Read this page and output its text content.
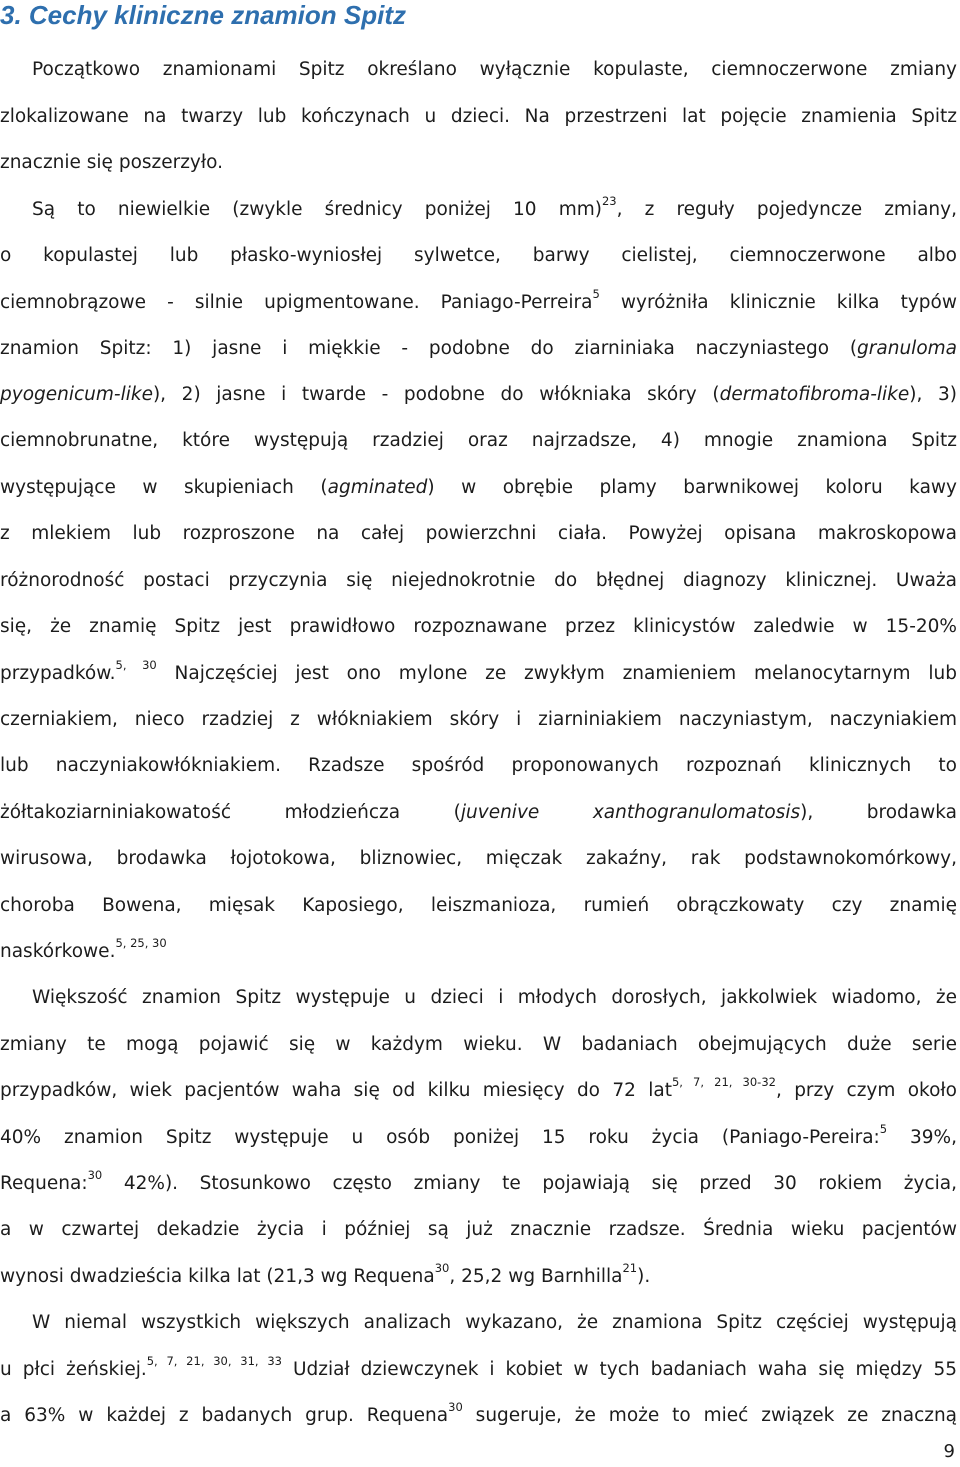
3. Cechy kliniczne znamion Spitz

Początkowo znamionami Spitz określano wyłącznie kopulaste, ciemnoczerwone zmiany

zlokalizowane na twarzy lub kończynach u dzieci. Na przestrzeni lat pojęcie znamienia Spitz

znacznie się poszerzyło.

Są to niewielkie (zwykle średnicy poniżej 10 mm)$^{23}$, z reguły pojedyncze zmiany,

o kopulastej lub płasko-wyniosłej sylwetce, barwy cielistej, ciemnoczerwone albo

ciemnobrązowe - silnie upigmentowane. Paniago-Perreira$^5$ wyróżniła klinicznie kilka typów

znamion Spitz: 1) jasne i miękkie - podobne do ziarniniaka naczyniastego (granuloma

pyogenicum-like), 2) jasne i twarde - podobne do włókniaka skóry (dermatofibroma-like), 3)

ciemnobrunatne, które występują rzadziej oraz najrzadsze, 4) mnogie znamiona Spitz

występujące w skupieniach (agminated) w obrębie plamy barwnikowej koloru kawy

z mlekiem lub rozproszone na całej powierzchni ciała. Powyżej opisana makroskopowa

różnorodność postaci przyczynia się niejednokrotnie do błędnej diagnozy klinicznej. Uważa

się, że znamię Spitz jest prawidłowo rozpoznawane przez klinicystów zaledwie w 15-20%

przypadków.$^{5, 30}$ Najczęściej jest ono mylone ze zwykłym znamieniem melanocytarnym lub

czerniakiem, nieco rzadziej z włókniakiem skóry i ziarniniakiem naczyniastym, naczyniakiem

lub naczyniakowłókniakiem. Rzadsze spośród proponowanych rozpoznań klinicznych to

żółtakoziarniniakowatość młodzieńcza (juvenive xanthogranulomatosis), brodawka

wirusowa, brodawka łojotokowa, bliznowiec, mięczak zakaźny, rak podstawnokomórkowy,

choroba Bowena, mięsak Kaposiego, leiszmanioza, rumień obrączkowaty czy znamię

naskórkowe.$^{5, 25, 30}$

Większość znamion Spitz występuje u dzieci i młodych dorosłych, jakkolwiek wiadomo, że

zmiany te mogą pojawić się w każdym wieku. W badaniach obejmujących duże serie

przypadków, wiek pacjentów waha się od kilku miesięcy do 72 lat$^{5, 7, 21, 30-32}$, przy czym około

40% znamion Spitz występuje u osób poniżej 15 roku życia (Paniago-Pereira:$^5$ 39%,

Requena:$^{30}$ 42%). Stosunkowo często zmiany te pojawiają się przed 30 rokiem życia,

a w czwartej dekadzie życia i później są już znacznie rzadsze. Średnia wieku pacjentów

wynosi dwadzieścia kilka lat (21,3 wg Requena$^{30}$, 25,2 wg Barnhilla$^{21}$).

W niemal wszystkich większych analizach wykazano, że znamiona Spitz częściej występują

u płci żeńskiej.$^{5, 7, 21, 30, 31, 33}$ Udział dziewczynek i kobiet w tych badaniach waha się między 55

a 63% w każdej z badanych grup. Requena$^{30}$ sugeruje, że może to mieć związek ze znaczną

9
